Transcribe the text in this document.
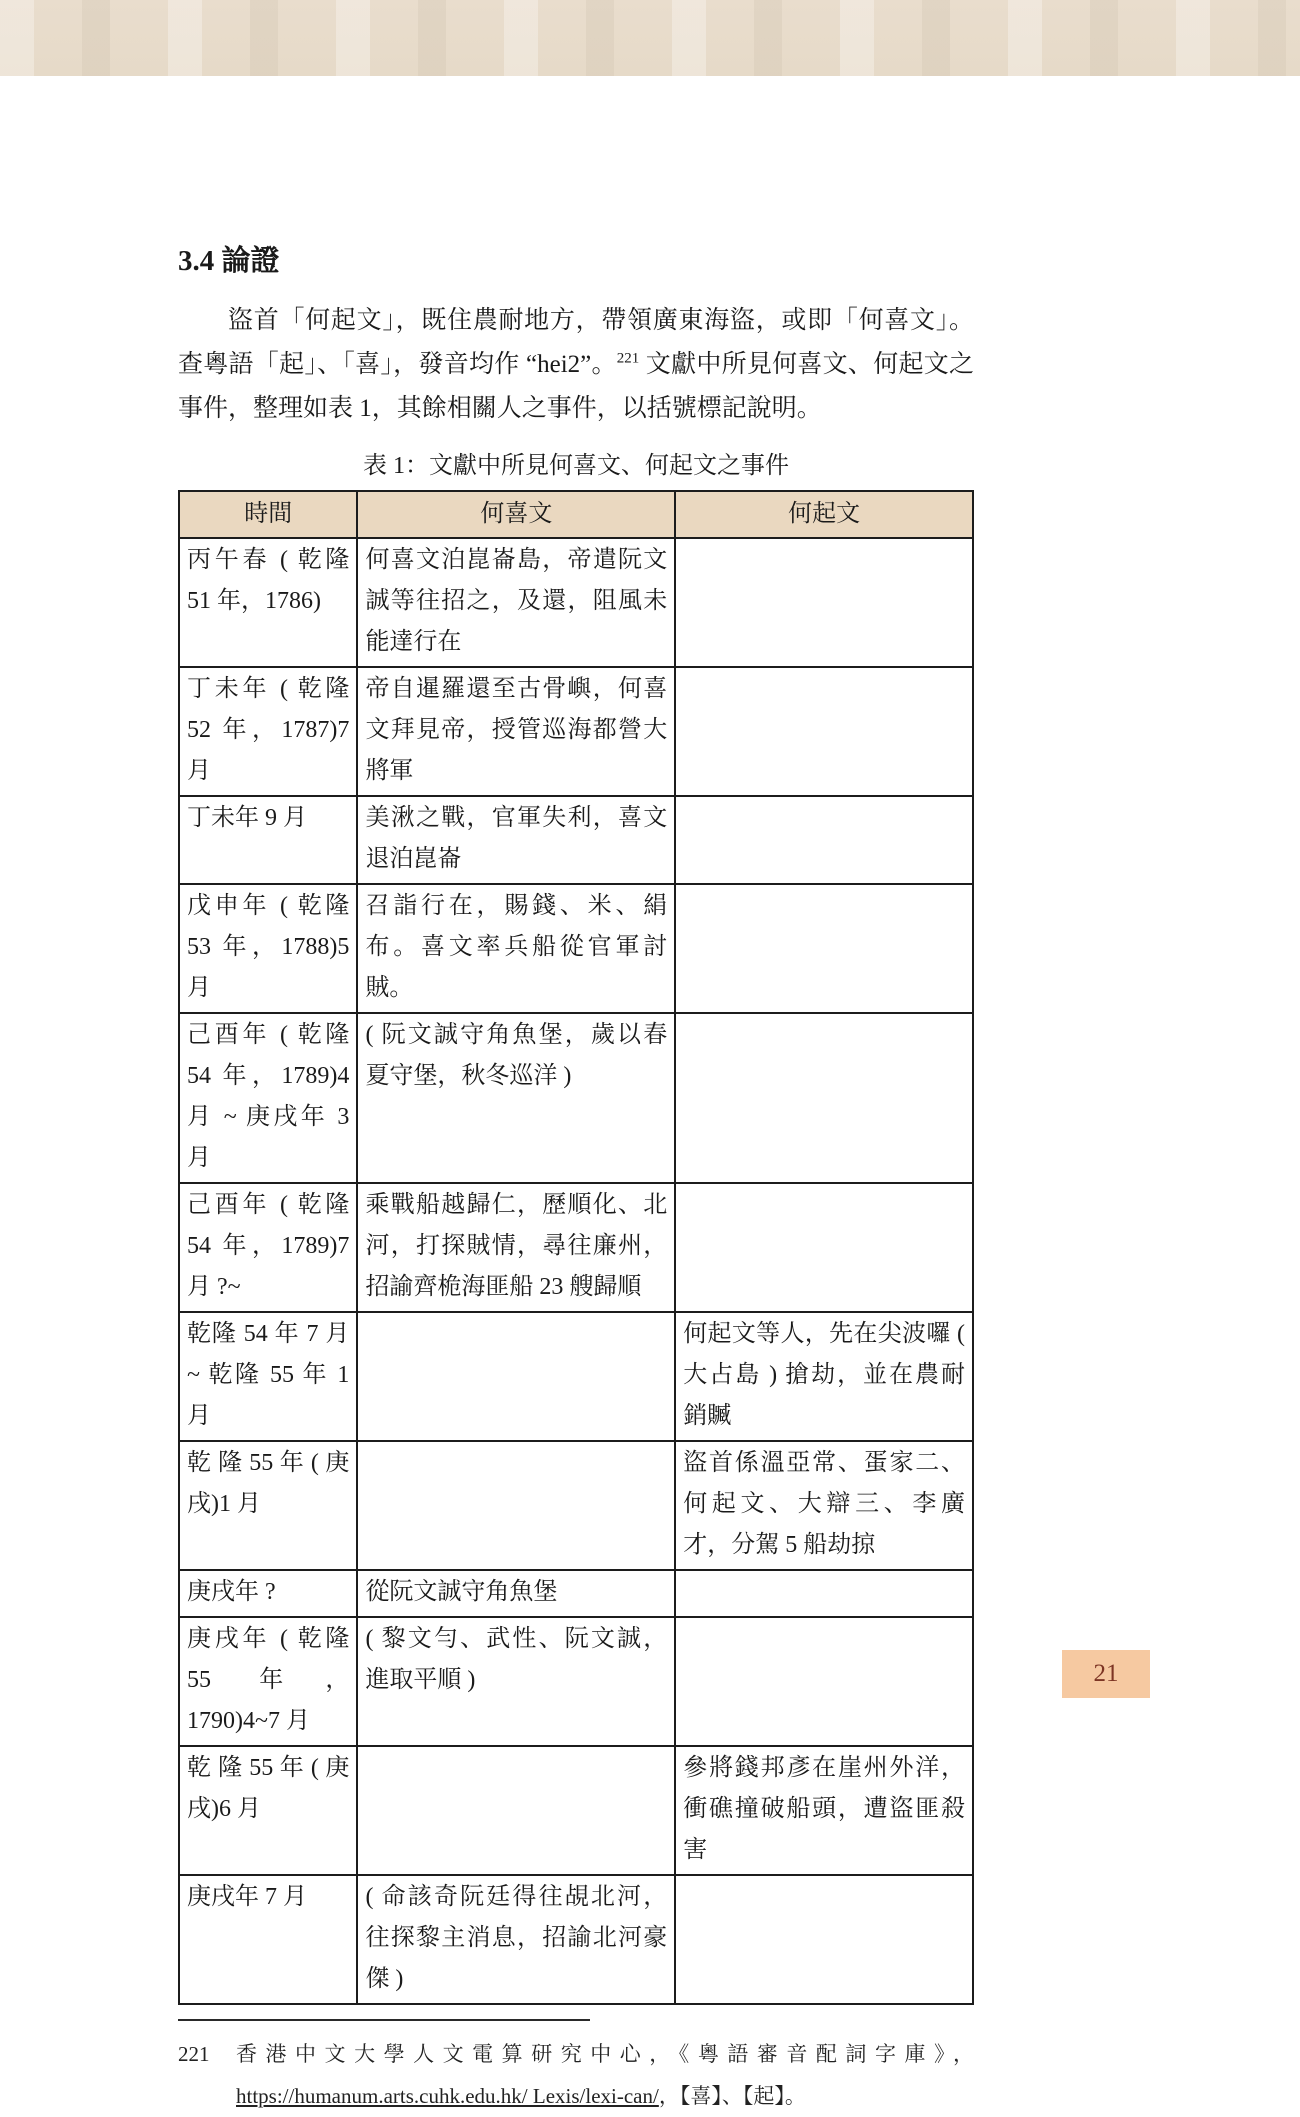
3.4 論證

盜首「何起文」，既住農耐地方，帶領廣東海盜，或即「何喜文」。查粵語「起」、「喜」，發音均作 “hei2”。$^{221}$ 文獻中所見何喜文、何起文之事件，整理如表 1，其餘相關人之事件，以括號標記說明。

表 1：文獻中所見何喜文、何起文之事件
時間	何喜文	何起文
丙午春 ( 乾隆 51 年，1786)	何喜文泊崑崙島，帝遣阮文誠等往招之，及還，阻風未能達行在	
丁未年 ( 乾隆 52 年，1787)7 月	帝自暹羅還至古骨嶼，何喜文拜見帝，授管巡海都營大將軍	
丁未年 9 月	美湫之戰，官軍失利，喜文退泊崑崙	
戊申年 ( 乾隆 53 年，1788)5 月	召詣行在，賜錢、米、絹布。喜文率兵船從官軍討賊。	
己酉年 ( 乾隆 54 年，1789)4 月 ~ 庚戌年 3 月	( 阮文誠守角魚堡，歲以春夏守堡，秋冬巡洋 )	
己酉年 ( 乾隆 54 年，1789)7 月 ?~	乘戰船越歸仁，歷順化、北河，打探賊情，尋往廉州，招諭齊桅海匪船 23 艘歸順	
乾隆 54 年 7 月 ~ 乾隆 55 年 1 月		何起文等人，先在尖波囉 ( 大占島 ) 搶劫，並在農耐銷贓
乾 隆 55 年 ( 庚戌)1 月		盜首係溫亞常、蛋家二、何起文、大辯三、李廣才，分駕 5 船劫掠
庚戌年 ?	從阮文誠守角魚堡	
庚戌年 ( 乾隆 55 年，1790)4~7 月	( 黎文勻、武性、阮文誠，進取平順 )	
乾 隆 55 年 ( 庚戌)6 月		參將錢邦彥在崖州外洋，衝礁撞破船頭，遭盜匪殺害
庚戌年 7 月	( 命該奇阮廷得往覘北河，往探黎主消息，招諭北河豪傑 )	
221	香港中文大學人文電算研究中心，《粵語審音配詞字庫》，https://humanum.arts.cuhk.edu.hk/ Lexis/lexi-can/，【喜】、【起】。
21
